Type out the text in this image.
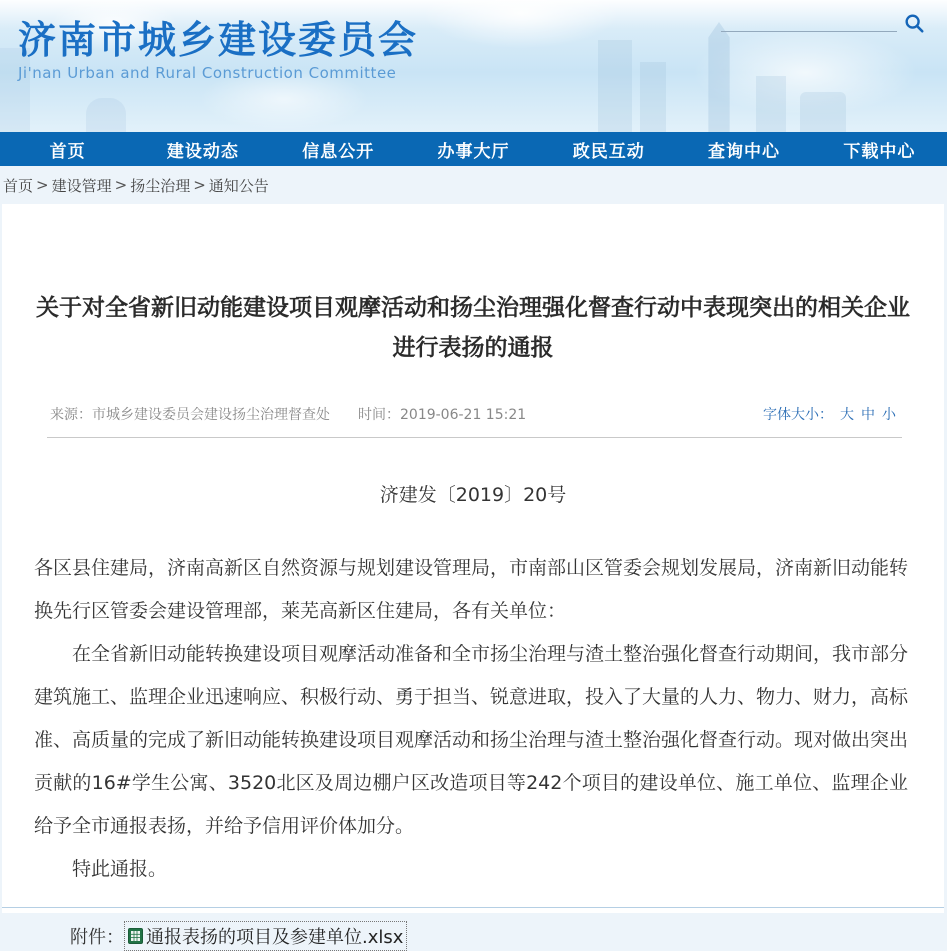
济南市城乡建设委员会
Ji'nan Urban and Rural Construction Committee
首页	建设动态	信息公开	办事大厅	政民互动	查询中心	下载中心
首页 > 建设管理 > 扬尘治理 > 通知公告
关于对全省新旧动能建设项目观摩活动和扬尘治理强化督查行动中表现突出的相关企业进行表扬的通报
来源：市城乡建设委员会建设扬尘治理督查处 时间：2019-06-21 15:21	字体大小： 大 中 小
济建发〔2019〕20号

各区县住建局，济南高新区自然资源与规划建设管理局，市南部山区管委会规划发展局，济南新旧动能转换先行区管委会建设管理部，莱芜高新区住建局，各有关单位：

在全省新旧动能转换建设项目观摩活动准备和全市扬尘治理与渣土整治强化督查行动期间，我市部分建筑施工、监理企业迅速响应、积极行动、勇于担当、锐意进取，投入了大量的人力、物力、财力，高标准、高质量的完成了新旧动能转换建设项目观摩活动和扬尘治理与渣土整治强化督查行动。现对做出突出贡献的16#学生公寓、3520北区及周边棚户区改造项目等242个项目的建设单位、施工单位、监理企业给予全市通报表扬，并给予信用评价体加分。

特此通报。

附件： 通报表扬的项目及参建单位.xlsx
